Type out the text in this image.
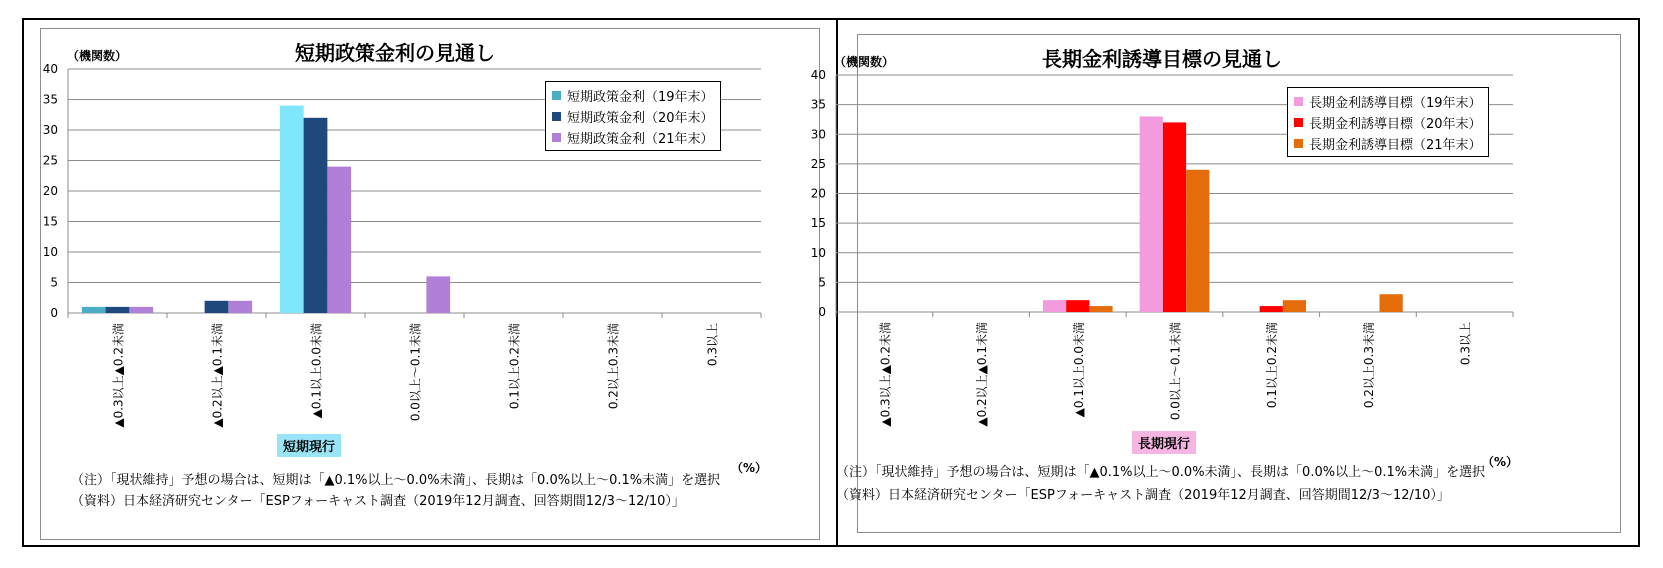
短期政策金利の見通し
（機関数）
0
5
10
15
20
25
30
35
40
▲0.3以上▲0.2未満	▲0.2以上▲0.1未満	▲0.1以上0.0未満	0.0以上～0.1未満	0.1以上0.2未満	0.2以上0.3未満	0.3以上
短期政策金利（19年末）
短期政策金利（20年末）
短期政策金利（21年末）
短期現行
（%）
（注）「現状維持」予想の場合は、短期は「▲0.1%以上～0.0%未満」、長期は「0.0%以上～0.1%未満」を選択
（資料）日本経済研究センター「ESPフォーキャスト調査（2019年12月調査、回答期間12/3～12/10）」
長期金利誘導目標の見通し
（機関数）
0
5
10
15
20
25
30
35
40
▲0.3以上▲0.2未満	▲0.2以上▲0.1未満	▲0.1以上0.0未満	0.0以上～0.1未満	0.1以上0.2未満	0.2以上0.3未満	0.3以上
長期金利誘導目標（19年末）
長期金利誘導目標（20年末）
長期金利誘導目標（21年末）
長期現行
（%）
（注）「現状維持」予想の場合は、短期は「▲0.1%以上～0.0%未満」、長期は「0.0%以上～0.1%未満」を選択
（資料）日本経済研究センター「ESPフォーキャスト調査（2019年12月調査、回答期間12/3～12/10）」
